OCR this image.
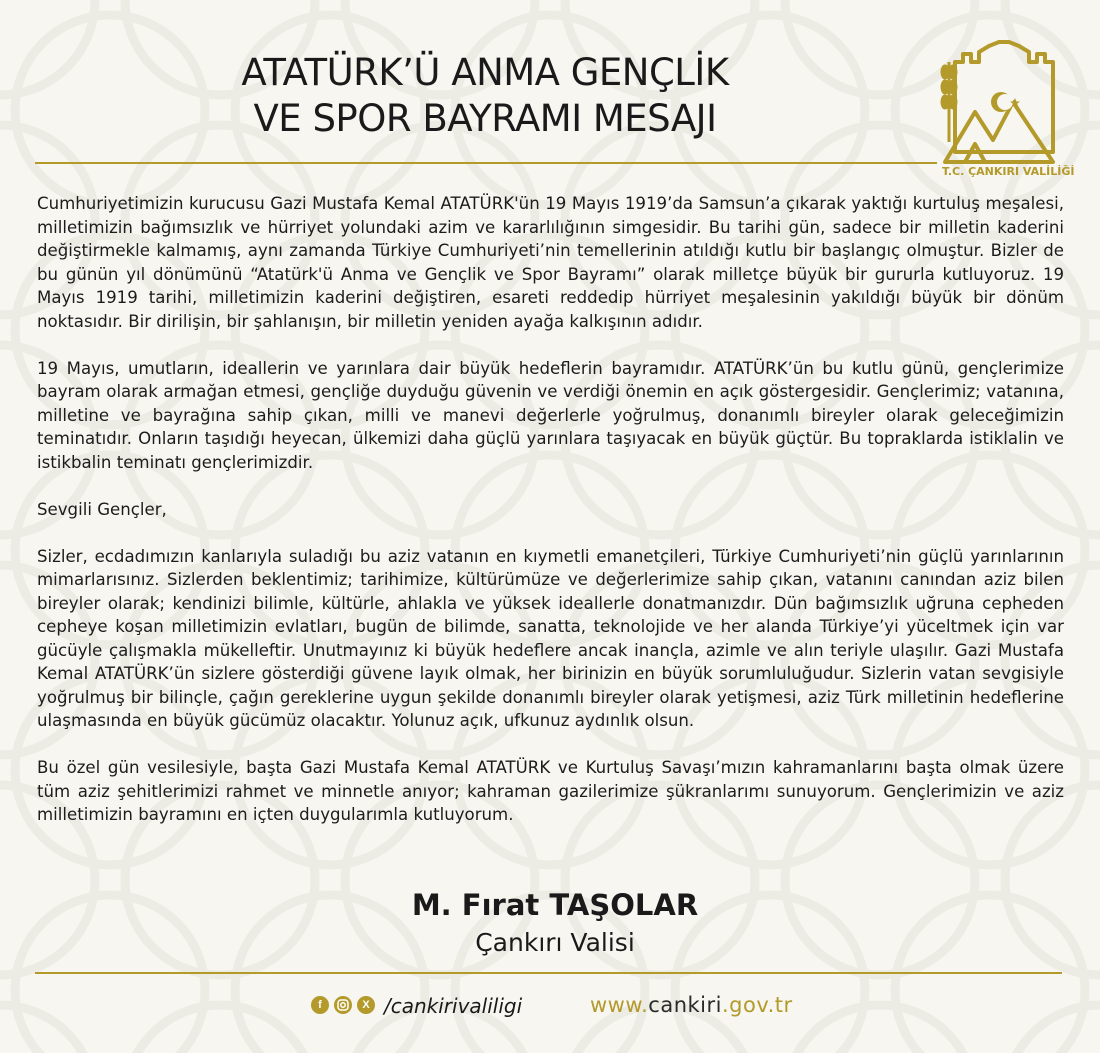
ATATÜRK’Ü ANMA GENÇLİK
VE SPOR BAYRAMI MESAJI
T.C. ÇANKIRI VALİLİĞİ

Cumhuriyetimizin kurucusu Gazi Mustafa Kemal ATATÜRK'ün 19 Mayıs 1919’da Samsun’a çıkarak yaktığı kurtuluş meşalesi, milletimizin bağımsızlık ve hürriyet yolundaki azim ve kararlılığının simgesidir. Bu tarihi gün, sadece bir milletin kaderini değiştirmekle kalmamış, aynı zamanda Türkiye Cumhuriyeti’nin temellerinin atıldığı kutlu bir başlangıç olmuştur. Bizler de bu günün yıl dönümünü “Atatürk'ü Anma ve Gençlik ve Spor Bayramı” olarak milletçe büyük bir gururla kutluyoruz. 19 Mayıs 1919 tarihi, milletimizin kaderini değiştiren, esareti reddedip hürriyet meşalesinin yakıldığı büyük bir dönüm noktasıdır. Bir dirilişin, bir şahlanışın, bir milletin yeniden ayağa kalkışının adıdır.

19 Mayıs, umutların, ideallerin ve yarınlara dair büyük hedeflerin bayramıdır. ATATÜRK’ün bu kutlu günü, gençlerimize bayram olarak armağan etmesi, gençliğe duyduğu güvenin ve verdiği önemin en açık göstergesidir. Gençlerimiz; vatanına, milletine ve bayrağına sahip çıkan, milli ve manevi değerlerle yoğrulmuş, donanımlı bireyler olarak geleceğimizin teminatıdır. Onların taşıdığı heyecan, ülkemizi daha güçlü yarınlara taşıyacak en büyük güçtür. Bu topraklarda istiklalin ve istikbalin teminatı gençlerimizdir.

Sevgili Gençler,

Sizler, ecdadımızın kanlarıyla suladığı bu aziz vatanın en kıymetli emanetçileri, Türkiye Cumhuriyeti’nin güçlü yarınlarının mimarlarısınız. Sizlerden beklentimiz; tarihimize, kültürümüze ve değerlerimize sahip çıkan, vatanını canından aziz bilen bireyler olarak; kendinizi bilimle, kültürle, ahlakla ve yüksek ideallerle donatmanızdır. Dün bağımsızlık uğruna cepheden cepheye koşan milletimizin evlatları, bugün de bilimde, sanatta, teknolojide ve her alanda Türkiye’yi yüceltmek için var gücüyle çalışmakla mükelleftir. Unutmayınız ki büyük hedeflere ancak inançla, azimle ve alın teriyle ulaşılır. Gazi Mustafa Kemal ATATÜRK’ün sizlere gösterdiği güvene layık olmak, her birinizin en büyük sorumluluğudur. Sizlerin vatan sevgisiyle yoğrulmuş bir bilinçle, çağın gereklerine uygun şekilde donanımlı bireyler olarak yetişmesi, aziz Türk milletinin hedeflerine ulaşmasında en büyük gücümüz olacaktır. Yolunuz açık, ufkunuz aydınlık olsun.

Bu özel gün vesilesiyle, başta Gazi Mustafa Kemal ATATÜRK ve Kurtuluş Savaşı’mızın kahramanlarını başta olmak üzere tüm aziz şehitlerimizi rahmet ve minnetle anıyor; kahraman gazilerimize şükranlarımı sunuyorum. Gençlerimizin ve aziz milletimizin bayramını en içten duygularımla kutluyorum.

M. Fırat TAŞOLAR
Çankırı Valisi
f	X /cankirivaliligi	www.cankiri.gov.tr
